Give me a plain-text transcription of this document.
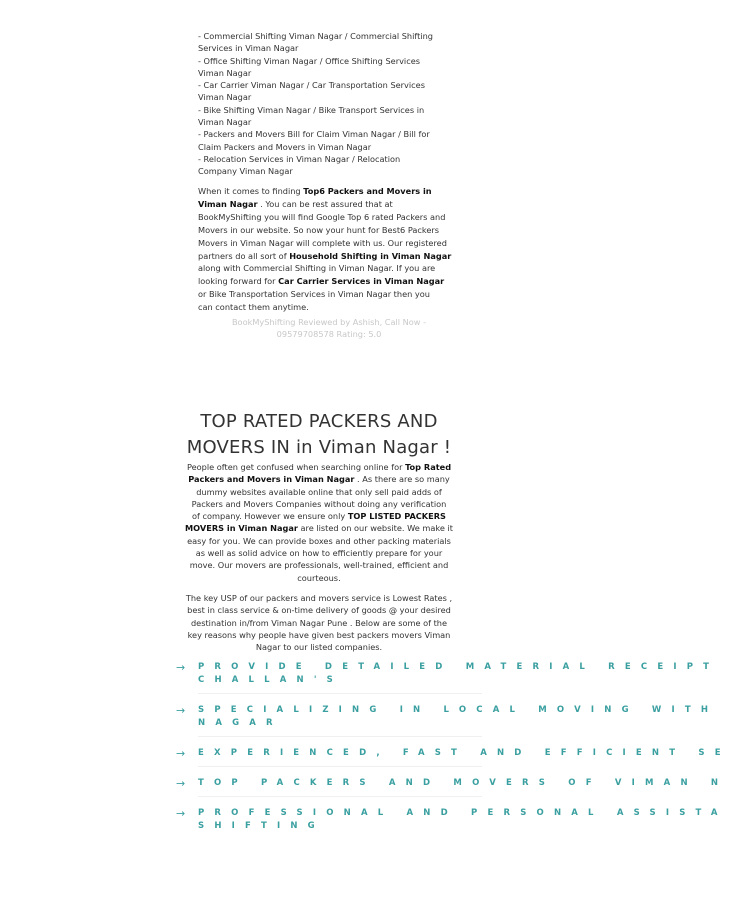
- Commercial Shifting Viman Nagar / Commercial Shifting
Services in Viman Nagar
- Office Shifting Viman Nagar / Office Shifting Services
Viman Nagar
- Car Carrier Viman Nagar / Car Transportation Services
Viman Nagar
- Bike Shifting Viman Nagar / Bike Transport Services in
Viman Nagar
- Packers and Movers Bill for Claim Viman Nagar / Bill for
Claim Packers and Movers in Viman Nagar
- Relocation Services in Viman Nagar / Relocation
Company Viman Nagar
When it comes to finding Top6 Packers and Movers in
Viman Nagar . You can be rest assured that at
BookMyShifting you will find Google Top 6 rated Packers and
Movers in our website. So now your hunt for Best6 Packers
Movers in Viman Nagar will complete with us. Our registered
partners do all sort of Household Shifting in Viman Nagar
along with Commercial Shifting in Viman Nagar. If you are
looking forward for Car Carrier Services in Viman Nagar
or Bike Transportation Services in Viman Nagar then you
can contact them anytime.
BookMyShifting Reviewed by Ashish, Call Now -
09579708578 Rating: 5.0
TOP RATED PACKERS AND
MOVERS IN in Viman Nagar !
People often get confused when searching online for Top Rated
Packers and Movers in Viman Nagar . As there are so many
dummy websites available online that only sell paid adds of
Packers and Movers Companies without doing any verification
of company. However we ensure only TOP LISTED PACKERS
MOVERS in Viman Nagar are listed on our website. We make it
easy for you. We can provide boxes and other packing materials
as well as solid advice on how to efficiently prepare for your
move. Our movers are professionals, well-trained, efficient and
courteous.
The key USP of our packers and movers service is Lowest Rates ,
best in class service & on-time delivery of goods @ your desired
destination in/from Viman Nagar Pune . Below are some of the
key reasons why people have given best packers movers Viman
Nagar to our listed companies.
→ PROVIDE DETAILED MATERIAL RECEIPT
CHALLAN'S
→ SPECIALIZING IN LOCAL MOVING WITH
NAGAR
→ EXPERIENCED, FAST AND EFFICIENT SE
→ TOP PACKERS AND MOVERS OF VIMAN N
→ PROFESSIONAL AND PERSONAL ASSISTA
SHIFTING
